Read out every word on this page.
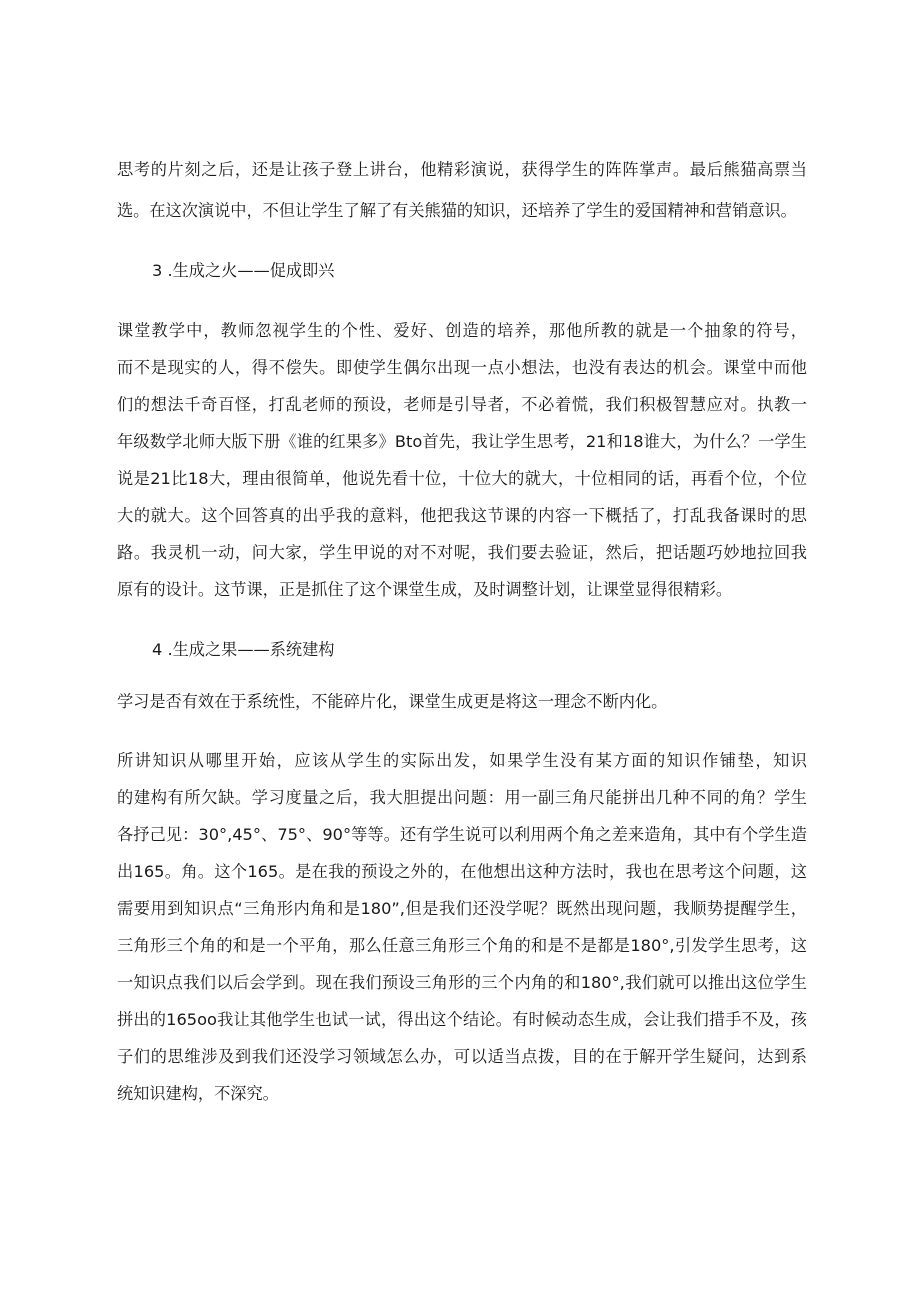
思考的片刻之后，还是让孩子登上讲台，他精彩演说，获得学生的阵阵掌声。最后熊猫高票当
选。在这次演说中，不但让学生了解了有关熊猫的知识，还培养了学生的爱国精神和营销意识。
3 .生成之火——促成即兴
课堂教学中，教师忽视学生的个性、爱好、创造的培养，那他所教的就是一个抽象的符号，
而不是现实的人，得不偿失。即使学生偶尔出现一点小想法，也没有表达的机会。课堂中而他
们的想法千奇百怪，打乱老师的预设，老师是引导者，不必着慌，我们积极智慧应对。执教一
年级数学北师大版下册《谁的红果多》Bto首先，我让学生思考，21和18谁大，为什么？一学生
说是21比18大，理由很简单，他说先看十位，十位大的就大，十位相同的话，再看个位，个位
大的就大。这个回答真的出乎我的意料，他把我这节课的内容一下概括了，打乱我备课时的思
路。我灵机一动，问大家，学生甲说的对不对呢，我们要去验证，然后，把话题巧妙地拉回我
原有的设计。这节课，正是抓住了这个课堂生成，及时调整计划，让课堂显得很精彩。
4 .生成之果——系统建构
学习是否有效在于系统性，不能碎片化，课堂生成更是将这一理念不断内化。
所讲知识从哪里开始，应该从学生的实际出发，如果学生没有某方面的知识作铺垫，知识
的建构有所欠缺。学习度量之后，我大胆提出问题：用一副三角尺能拼出几种不同的角？学生
各抒己见：30°,45°、75°、90°等等。还有学生说可以利用两个角之差来造角，其中有个学生造
出165。角。这个165。是在我的预设之外的，在他想出这种方法时，我也在思考这个问题，这
需要用到知识点“三角形内角和是180”,但是我们还没学呢？既然出现问题，我顺势提醒学生，
三角形三个角的和是一个平角，那么任意三角形三个角的和是不是都是180°,引发学生思考，这
一知识点我们以后会学到。现在我们预设三角形的三个内角的和180°,我们就可以推出这位学生
拼出的165oo我让其他学生也试一试，得出这个结论。有时候动态生成，会让我们措手不及，孩
子们的思维涉及到我们还没学习领域怎么办，可以适当点拨，目的在于解开学生疑问，达到系
统知识建构，不深究。
